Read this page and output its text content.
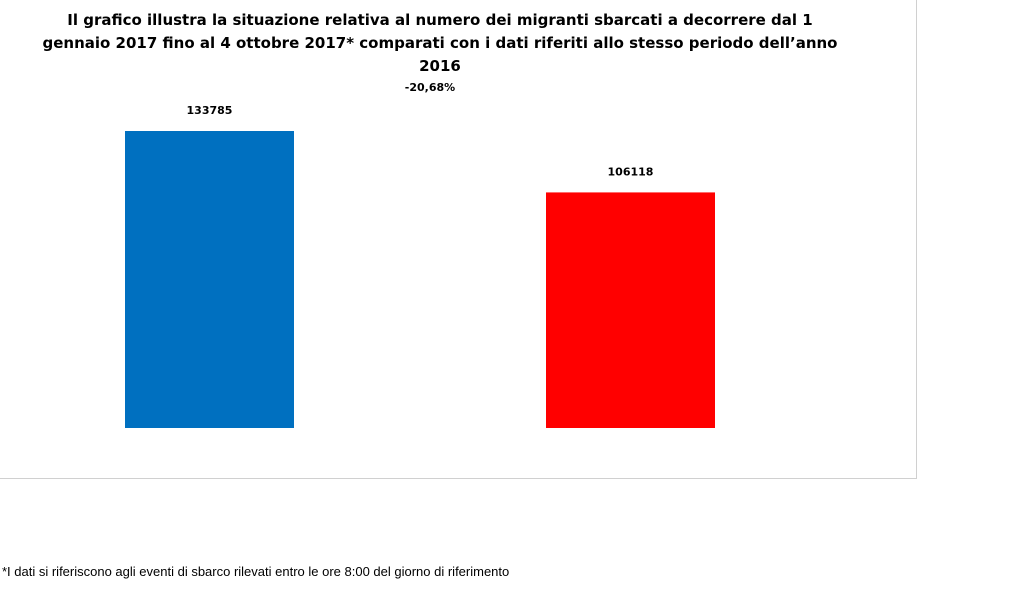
Il grafico illustra la situazione relativa al numero dei migranti sbarcati a decorrere dal 1 gennaio 2017 fino al 4 ottobre 2017* comparati con i dati riferiti allo stesso periodo dell’anno 2016
-20,68%
133785
106118
*I dati si riferiscono agli eventi di sbarco rilevati entro le ore 8:00 del giorno di riferimento
